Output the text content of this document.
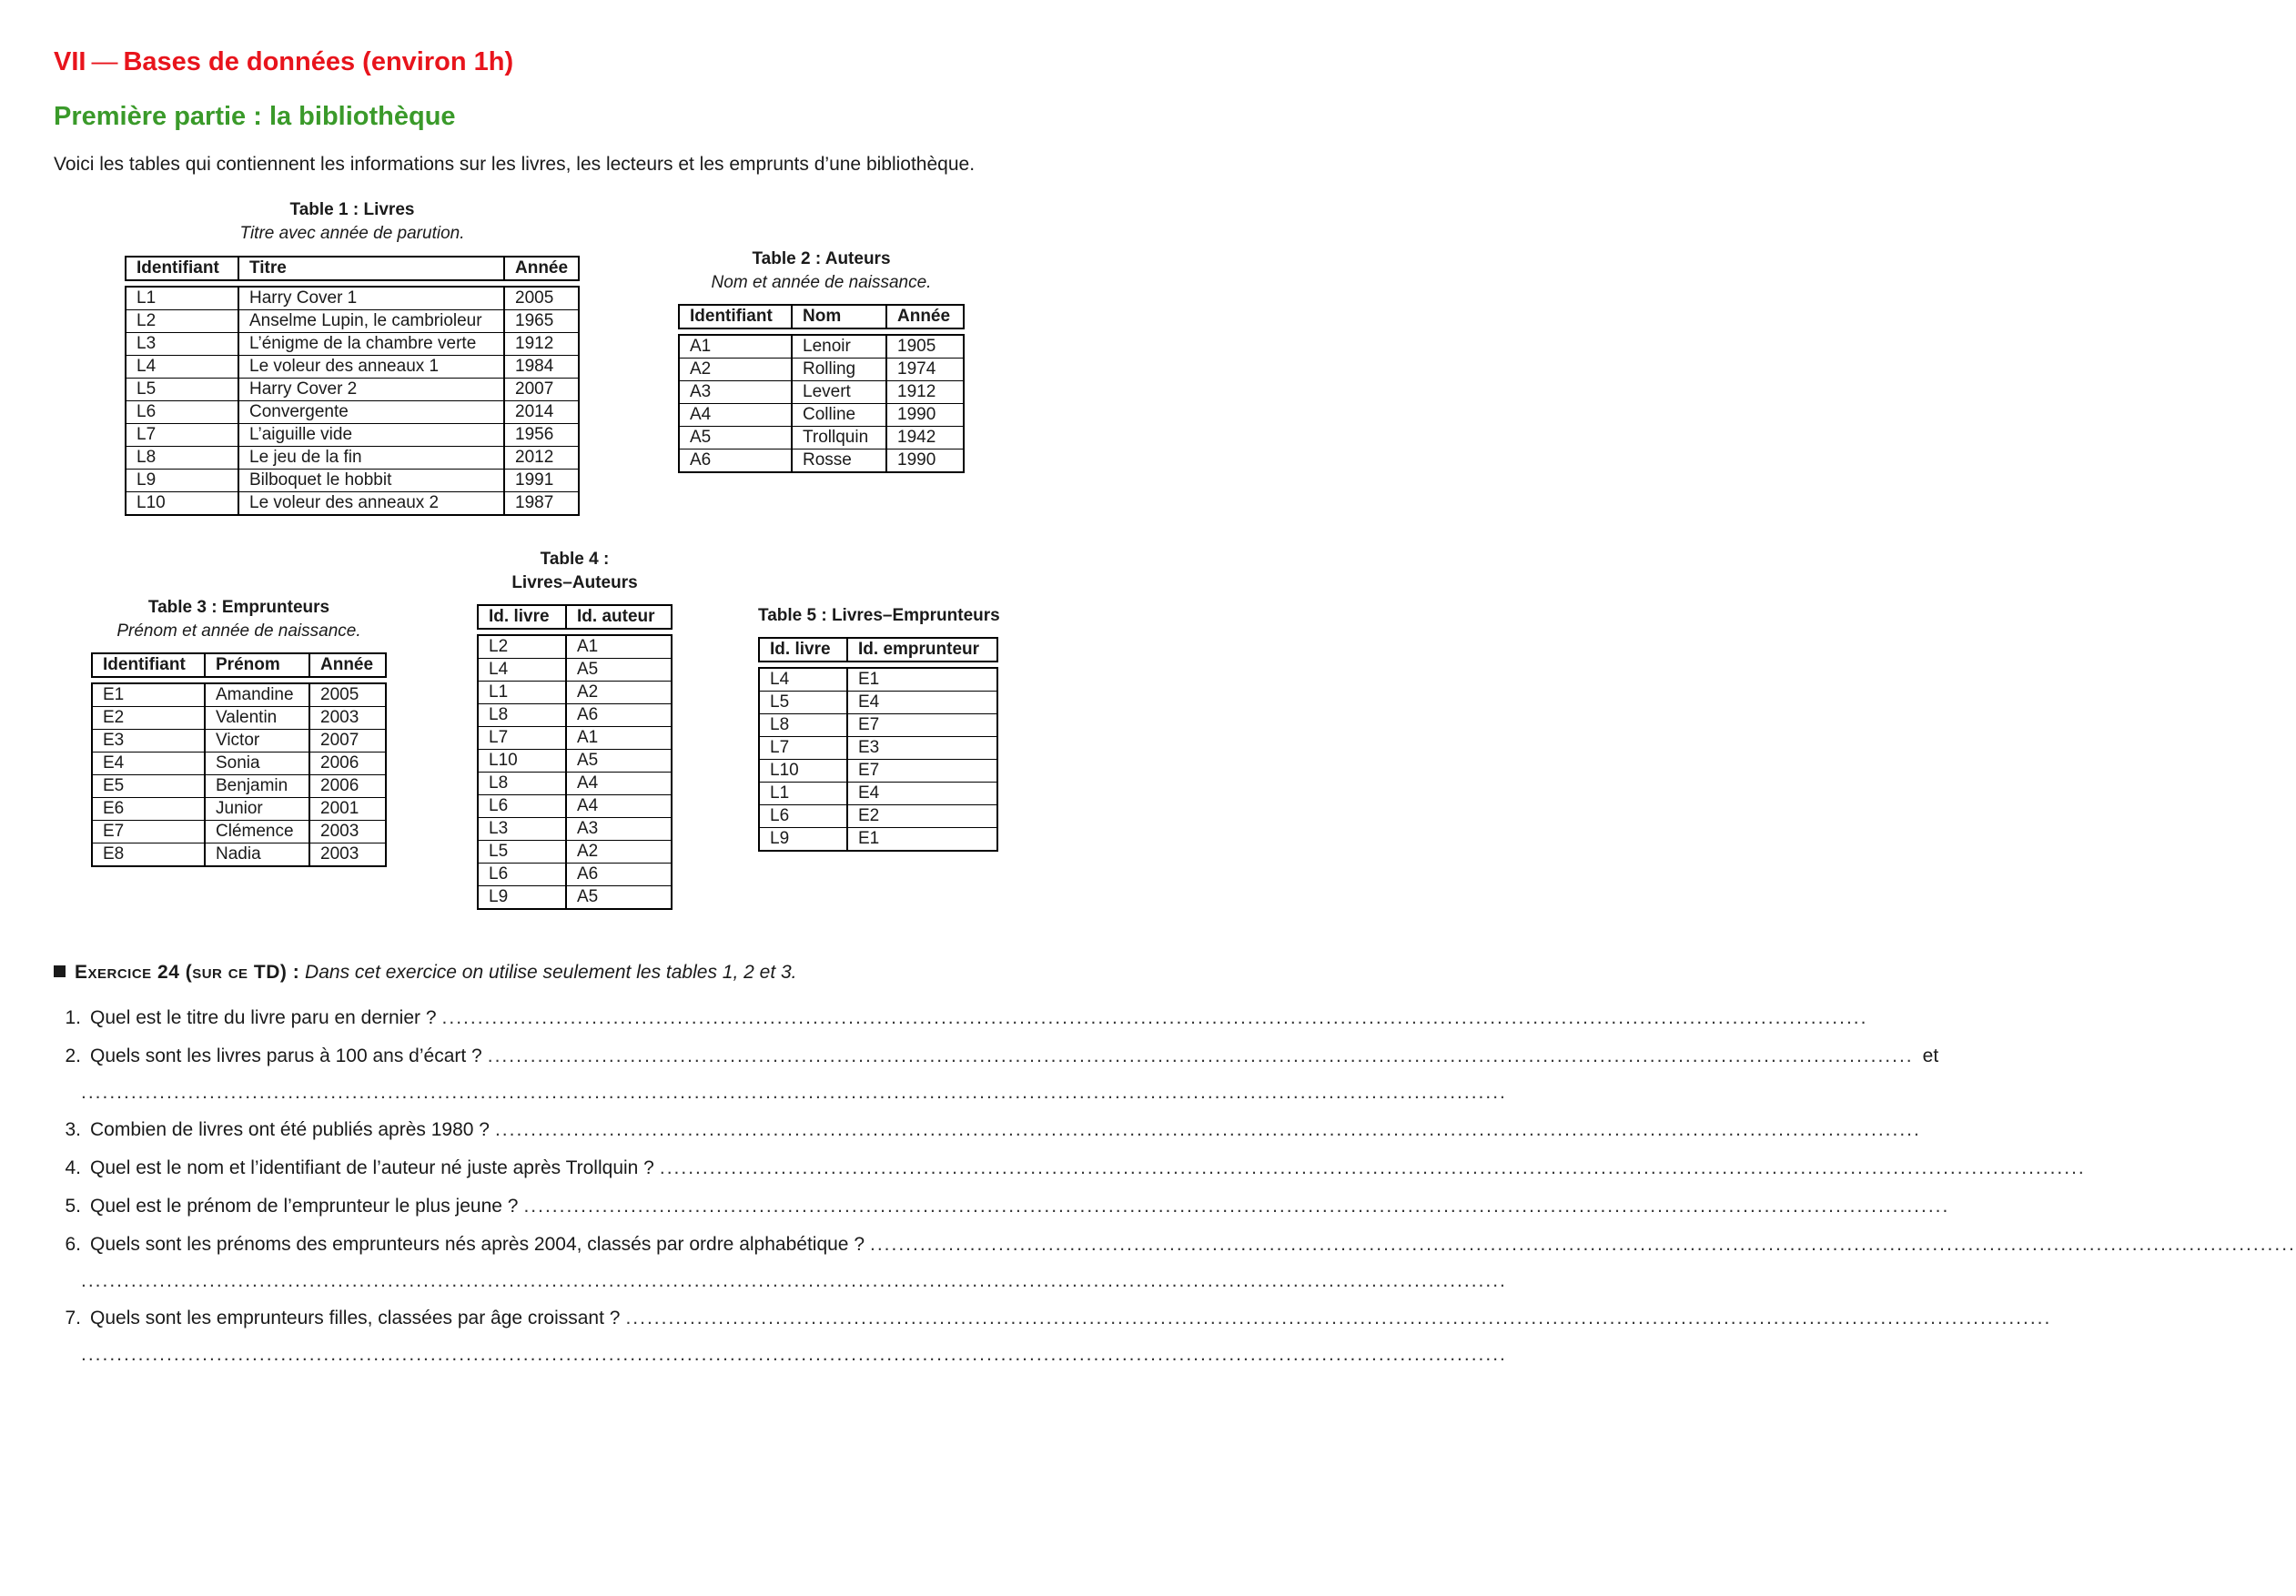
VII — Bases de données (environ 1h)
Première partie : la bibliothèque

Voici les tables qui contiennent les informations sur les livres, les lecteurs et les emprunts d’une bibliothèque.

Table 1 : Livres
Titre avec année de parution.
Identifiant	Titre	Année

L1	Harry Cover 1	2005
L2	Anselme Lupin, le cambrioleur	1965
L3	L’énigme de la chambre verte	1912
L4	Le voleur des anneaux 1	1984
L5	Harry Cover 2	2007
L6	Convergente	2014
L7	L’aiguille vide	1956
L8	Le jeu de la fin	2012
L9	Bilboquet le hobbit	1991
L10	Le voleur des anneaux 2	1987
Table 2 : Auteurs
Nom et année de naissance.
Identifiant	Nom	Année

A1	Lenoir	1905
A2	Rolling	1974
A3	Levert	1912
A4	Colline	1990
A5	Trollquin	1942
A6	Rosse	1990
Table 3 : Emprunteurs
Prénom et année de naissance.
Identifiant	Prénom	Année

E1	Amandine	2005
E2	Valentin	2003
E3	Victor	2007
E4	Sonia	2006
E5	Benjamin	2006
E6	Junior	2001
E7	Clémence	2003
E8	Nadia	2003
Table 4 :
Livres–Auteurs
Id. livre	Id. auteur

L2	A1
L4	A5
L1	A2
L8	A6
L7	A1
L10	A5
L8	A4
L6	A4
L3	A3
L5	A2
L6	A6
L9	A5
Table 5 : Livres–Emprunteurs
Id. livre	Id. emprunteur

L4	E1
L5	E4
L8	E7
L7	E3
L10	E7
L1	E4
L6	E2
L9	E1
Exercice 24 (sur ce TD) : Dans cet exercice on utilise seulement les tables 1, 2 et 3.
1. Quel est le titre du livre paru en dernier ? ........................................................................................................................................................................................................
2. Quels sont les livres parus à 100 ans d’écart ? ........................................................................................................................................................................................................ et
........................................................................................................................................................................................................
3. Combien de livres ont été publiés après 1980 ? ........................................................................................................................................................................................................
4. Quel est le nom et l’identifiant de l’auteur né juste après Trollquin ? ........................................................................................................................................................................................................
5. Quel est le prénom de l’emprunteur le plus jeune ? ........................................................................................................................................................................................................
6. Quels sont les prénoms des emprunteurs nés après 2004, classés par ordre alphabétique ? ........................................................................................................................................................................................................
........................................................................................................................................................................................................
7. Quels sont les emprunteurs filles, classées par âge croissant ? ........................................................................................................................................................................................................
........................................................................................................................................................................................................
